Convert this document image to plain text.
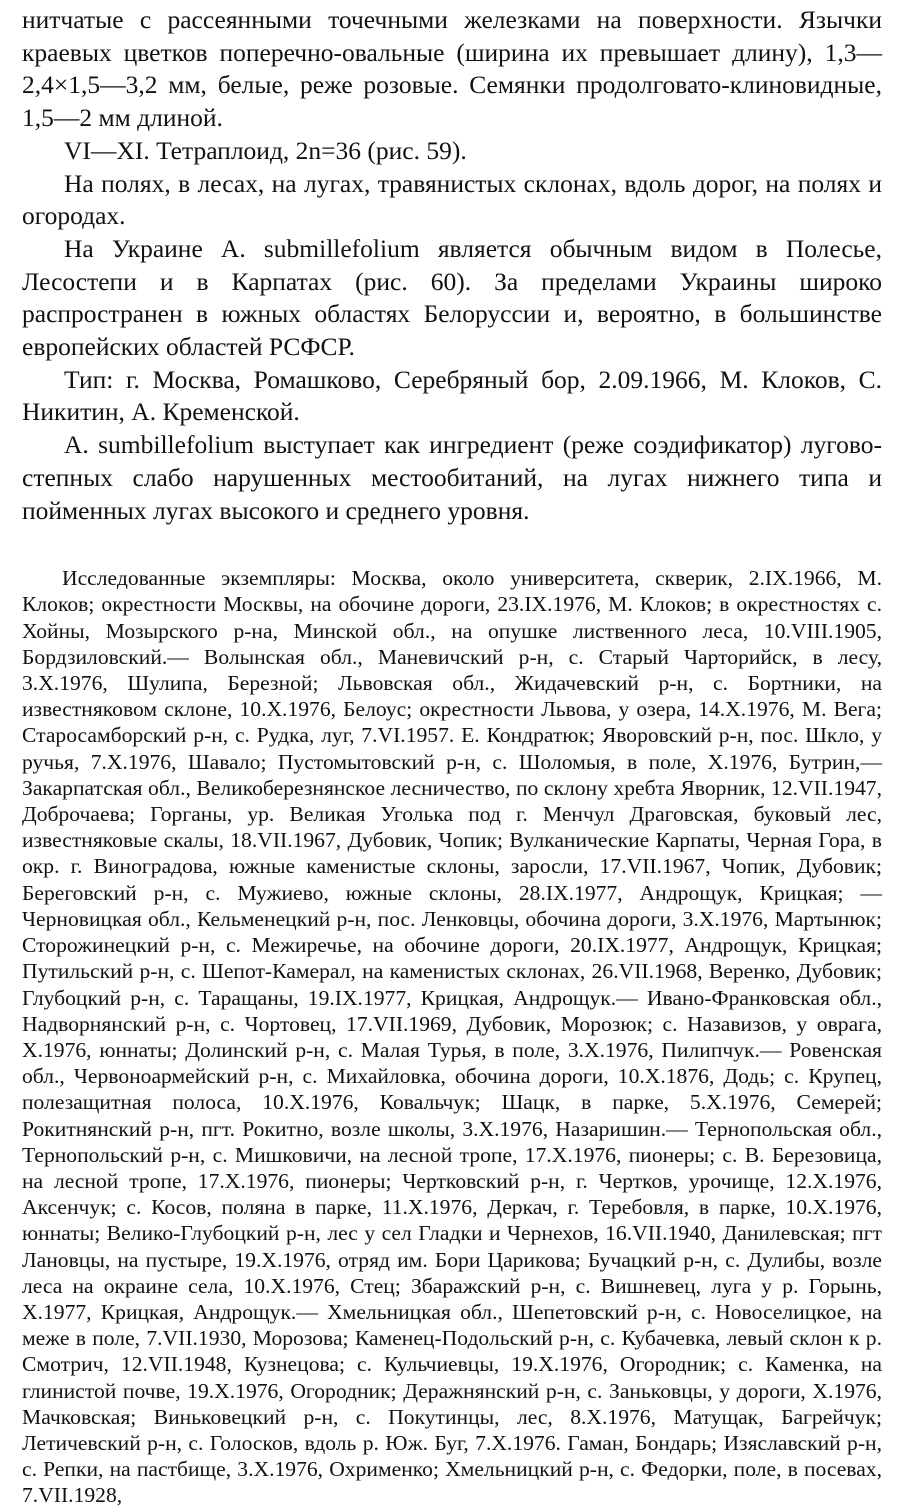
нитчатые с рассеянными точечными железками на поверхности. Язычки краевых цветков поперечно-овальные (ширина их превышает длину), 1,3—2,4×1,5—3,2 мм, белые, реже розовые. Семянки продолговато-клиновидные, 1,5—2 мм длиной.

VI—XI. Тетраплоид, 2n=36 (рис. 59).

На полях, в лесах, на лугах, травянистых склонах, вдоль дорог, на полях и огородах.

На Украине A. submillefolium является обычным видом в Полесье, Лесостепи и в Карпатах (рис. 60). За пределами Украины широко распространен в южных областях Белоруссии и, вероятно, в большинстве европейских областей РСФСР.

Тип: г. Москва, Ромашково, Серебряный бор, 2.09.1966, М. Клоков, С. Никитин, А. Кременской.

A. sumbillefolium выступает как ингредиент (реже соэдификатор) лугово-степных слабо нарушенных местообитаний, на лугах нижнего типа и пойменных лугах высокого и среднего уровня.

Исследованные экземпляры: Москва, около университета, скверик, 2.IX.1966, М. Клоков; окрестности Москвы, на обочине дороги, 23.IX.1976, М. Клоков; в окрестностях с. Хойны, Мозырского р-на, Минской обл., на опушке лиственного леса, 10.VIII.1905, Бордзиловский.— Волынская обл., Маневичский р-н, с. Старый Чарторийск, в лесу, 3.X.1976, Шулипа, Березной; Львовская обл., Жидачевский р-н, с. Бортники, на известняковом склоне, 10.X.1976, Белоус; окрестности Львова, у озера, 14.X.1976, М. Вега; Старосамборский р-н, с. Рудка, луг, 7.VI.1957. Е. Кондратюк; Яворовский р-н, пос. Шкло, у ручья, 7.X.1976, Шавало; Пустомытовский р-н, с. Шоломыя, в поле, X.1976, Бутрин,— Закарпатская обл., Великоберезнянское лесничество, по склону хребта Яворник, 12.VII.1947, Доброчаева; Горганы, ур. Великая Уголька под г. Менчул Драговская, буковый лес, известняковые скалы, 18.VII.1967, Дубовик, Чопик; Вулканические Карпаты, Черная Гора, в окр. г. Виноградова, южные каменистые склоны, заросли, 17.VII.1967, Чопик, Дубовик; Береговский р-н, с. Мужиево, южные склоны, 28.IX.1977, Андрощук, Крицкая; — Черновицкая обл., Кельменецкий р-н, пос. Ленковцы, обочина дороги, 3.X.1976, Мартынюк; Сторожинецкий р-н, с. Межиречье, на обочине дороги, 20.IX.1977, Андрощук, Крицкая; Путильский р-н, с. Шепот-Камерал, на каменистых склонах, 26.VII.1968, Веренко, Дубовик; Глубоцкий р-н, с. Таращаны, 19.IX.1977, Крицкая, Андрощук.— Ивано-Франковская обл., Надворнянский р-н, с. Чортовец, 17.VII.1969, Дубовик, Морозюк; с. Назавизов, у оврага, X.1976, юннаты; Долинский р-н, с. Малая Турья, в поле, 3.X.1976, Пилипчук.— Ровенская обл., Червоноармейский р-н, с. Михайловка, обочина дороги, 10.X.1876, Додь; с. Крупец, полезащитная полоса, 10.X.1976, Ковальчук; Шацк, в парке, 5.X.1976, Семерей; Рокитнянский р-н, пгт. Рокитно, возле школы, 3.X.1976, Назаришин.— Тернопольская обл., Тернопольский р-н, с. Мишковичи, на лесной тропе, 17.X.1976, пионеры; с. В. Березовица, на лесной тропе, 17.X.1976, пионеры; Чертковский р-н, г. Чертков, урочище, 12.X.1976, Аксенчук; с. Косов, поляна в парке, 11.X.1976, Деркач, г. Теребовля, в парке, 10.X.1976, юннаты; Велико-Глубоцкий р-н, лес у сел Гладки и Чернехов, 16.VII.1940, Данилевская; пгт Лановцы, на пустыре, 19.X.1976, отряд им. Бори Царикова; Бучацкий р-н, с. Дулибы, возле леса на окраине села, 10.X.1976, Стец; Збаражский р-н, с. Вишневец, луга у р. Горынь, X.1977, Крицкая, Андрощук.— Хмельницкая обл., Шепетовский р-н, с. Новоселицкое, на меже в поле, 7.VII.1930, Морозова; Каменец-Подольский р-н, с. Кубачевка, левый склон к р. Смотрич, 12.VII.1948, Кузнецова; с. Кульчиевцы, 19.X.1976, Огородник; с. Каменка, на глинистой почве, 19.X.1976, Огородник; Деражнянский р-н, с. Заньковцы, у дороги, X.1976, Мачковская; Виньковецкий р-н, с. Покутинцы, лес, 8.X.1976, Матущак, Багрейчук; Летичевский р-н, с. Голосков, вдоль р. Юж. Буг, 7.X.1976. Гаман, Бондарь; Изяславский р-н, с. Репки, на пастбище, 3.X.1976, Охрименко; Хмельницкий р-н, с. Федорки, поле, в посевах, 7.VII.1928,
